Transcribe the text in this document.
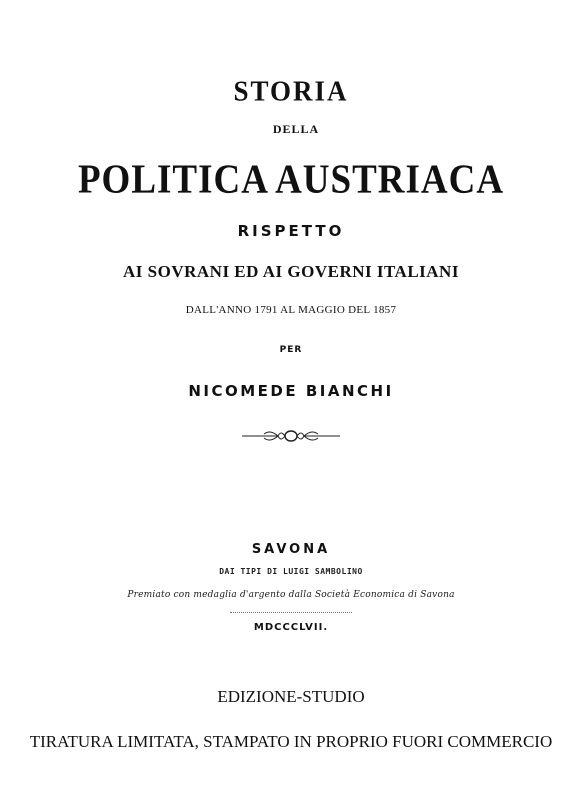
STORIA
DELLA
POLITICA AUSTRIACA
RISPETTO
AI SOVRANI ED AI GOVERNI ITALIANI
DALL'ANNO 1791 AL MAGGIO DEL 1857
PER
NICOMEDE BIANCHI
SAVONA
DAI TIPI DI LUIGI SAMBOLINO
Premiato con medaglia d'argento dalla Società Economica di Savona
MDCCCLVII.
EDIZIONE-STUDIO
TIRATURA LIMITATA, STAMPATO IN PROPRIO FUORI COMMERCIO
